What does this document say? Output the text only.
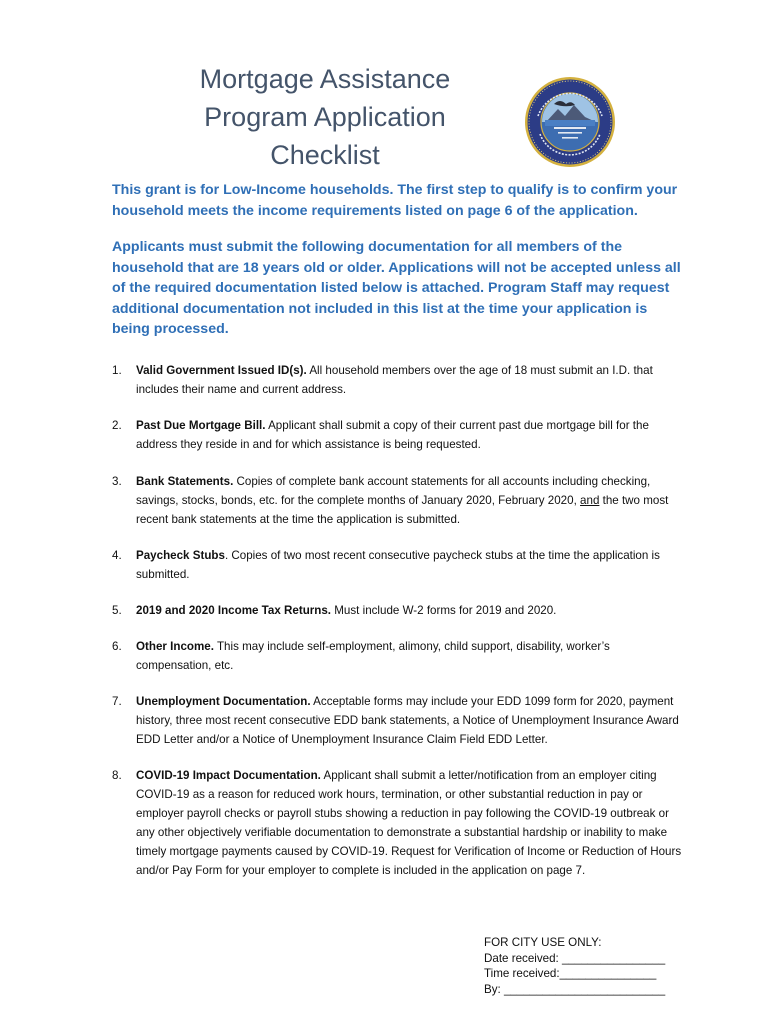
Mortgage Assistance
Program Application
Checklist

This grant is for Low-Income households. The first step to qualify is to confirm your household meets the income requirements listed on page 6 of the application.

Applicants must submit the following documentation for all members of the household that are 18 years old or older. Applications will not be accepted unless all of the required documentation listed below is attached. Program Staff may request additional documentation not included in this list at the time your application is being processed.

1. Valid Government Issued ID(s). All household members over the age of 18 must submit an I.D. that includes their name and current address.
2. Past Due Mortgage Bill. Applicant shall submit a copy of their current past due mortgage bill for the address they reside in and for which assistance is being requested.
3. Bank Statements. Copies of complete bank account statements for all accounts including checking, savings, stocks, bonds, etc. for the complete months of January 2020, February 2020, and the two most recent bank statements at the time the application is submitted.
4. Paycheck Stubs. Copies of two most recent consecutive paycheck stubs at the time the application is submitted.
5. 2019 and 2020 Income Tax Returns. Must include W-2 forms for 2019 and 2020.
6. Other Income. This may include self-employment, alimony, child support, disability, worker’s compensation, etc.
7. Unemployment Documentation. Acceptable forms may include your EDD 1099 form for 2020, payment history, three most recent consecutive EDD bank statements, a Notice of Unemployment Insurance Award EDD Letter and/or a Notice of Unemployment Insurance Claim Field EDD Letter.
8. COVID-19 Impact Documentation. Applicant shall submit a letter/notification from an employer citing COVID-19 as a reason for reduced work hours, termination, or other substantial reduction in pay or employer payroll checks or payroll stubs showing a reduction in pay following the COVID-19 outbreak or any other objectively verifiable documentation to demonstrate a substantial hardship or inability to make timely mortgage payments caused by COVID-19. Request for Verification of Income or Reduction of Hours and/or Pay Form for your employer to complete is included in the application on page 7.
FOR CITY USE ONLY:
Date received: ________________
Time received:_______________
By: _________________________
